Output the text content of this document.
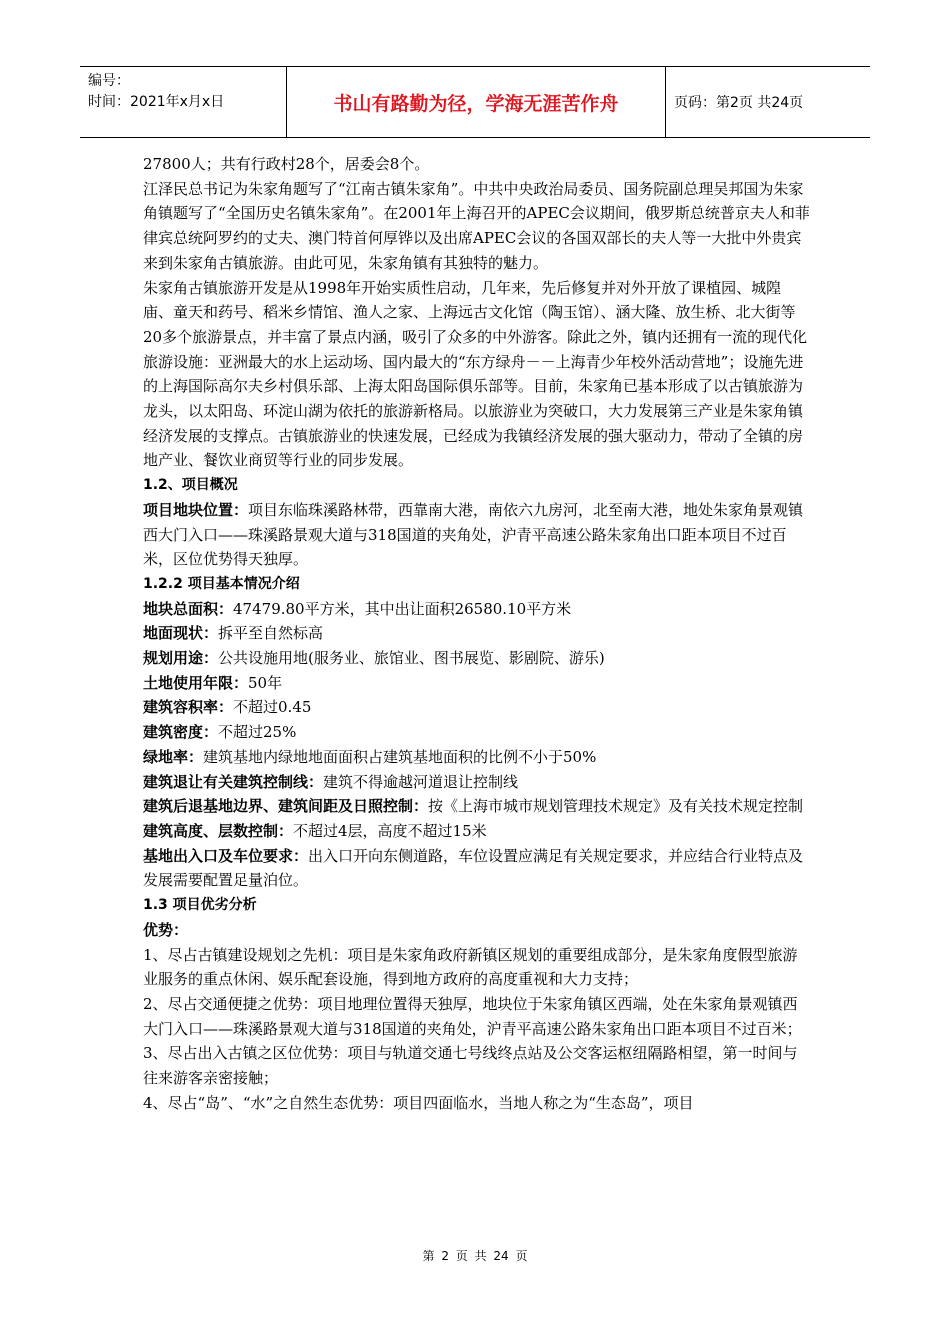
编号：
时间：2021年x月x日	书山有路勤为径，学海无涯苦作舟	页码：第2页 共24页

27800人；共有行政村28个，居委会8个。

江泽民总书记为朱家角题写了“江南古镇朱家角”。中共中央政治局委员、国务院副总理吴邦国为朱家角镇题写了“全国历史名镇朱家角”。在2001年上海召开的APEC会议期间，俄罗斯总统普京夫人和菲律宾总统阿罗约的丈夫、澳门特首何厚铧以及出席APEC会议的各国双部长的夫人等一大批中外贵宾来到朱家角古镇旅游。由此可见，朱家角镇有其独特的魅力。

朱家角古镇旅游开发是从1998年开始实质性启动，几年来，先后修复并对外开放了课植园、城隍庙、童天和药号、稻米乡情馆、渔人之家、上海远古文化馆（陶玉馆）、涵大隆、放生桥、北大街等20多个旅游景点，并丰富了景点内涵，吸引了众多的中外游客。除此之外，镇内还拥有一流的现代化旅游设施：亚洲最大的水上运动场、国内最大的“东方绿舟－－上海青少年校外活动营地”；设施先进的上海国际高尔夫乡村俱乐部、上海太阳岛国际俱乐部等。目前，朱家角已基本形成了以古镇旅游为龙头，以太阳岛、环淀山湖为依托的旅游新格局。以旅游业为突破口，大力发展第三产业是朱家角镇经济发展的支撑点。古镇旅游业的快速发展，已经成为我镇经济发展的强大驱动力，带动了全镇的房地产业、餐饮业商贸等行业的同步发展。

1.2、项目概况

项目地块位置：项目东临珠溪路林带，西靠南大港，南依六九房河，北至南大港，地处朱家角景观镇西大门入口——珠溪路景观大道与318国道的夹角处，沪青平高速公路朱家角出口距本项目不过百米，区位优势得天独厚。

1.2.2 项目基本情况介绍

地块总面积：47479.80平方米，其中出让面积26580.10平方米

地面现状：拆平至自然标高

规划用途：公共设施用地(服务业、旅馆业、图书展览、影剧院、游乐)

土地使用年限：50年

建筑容积率：不超过0.45

建筑密度：不超过25%

绿地率：建筑基地内绿地地面面积占建筑基地面积的比例不小于50%

建筑退让有关建筑控制线：建筑不得逾越河道退让控制线

建筑后退基地边界、建筑间距及日照控制：按《上海市城市规划管理技术规定》及有关技术规定控制

建筑高度、层数控制：不超过4层，高度不超过15米

基地出入口及车位要求：出入口开向东侧道路，车位设置应满足有关规定要求，并应结合行业特点及发展需要配置足量泊位。

1.3 项目优劣分析

优势：

1、尽占古镇建设规划之先机：项目是朱家角政府新镇区规划的重要组成部分，是朱家角度假型旅游业服务的重点休闲、娱乐配套设施，得到地方政府的高度重视和大力支持；

2、尽占交通便捷之优势：项目地理位置得天独厚，地块位于朱家角镇区西端，处在朱家角景观镇西大门入口——珠溪路景观大道与318国道的夹角处，沪青平高速公路朱家角出口距本项目不过百米；

3、尽占出入古镇之区位优势：项目与轨道交通七号线终点站及公交客运枢纽隔路相望，第一时间与往来游客亲密接触；

4、尽占“岛”、“水”之自然生态优势：项目四面临水，当地人称之为“生态岛”，项目

第 2 页 共 24 页
